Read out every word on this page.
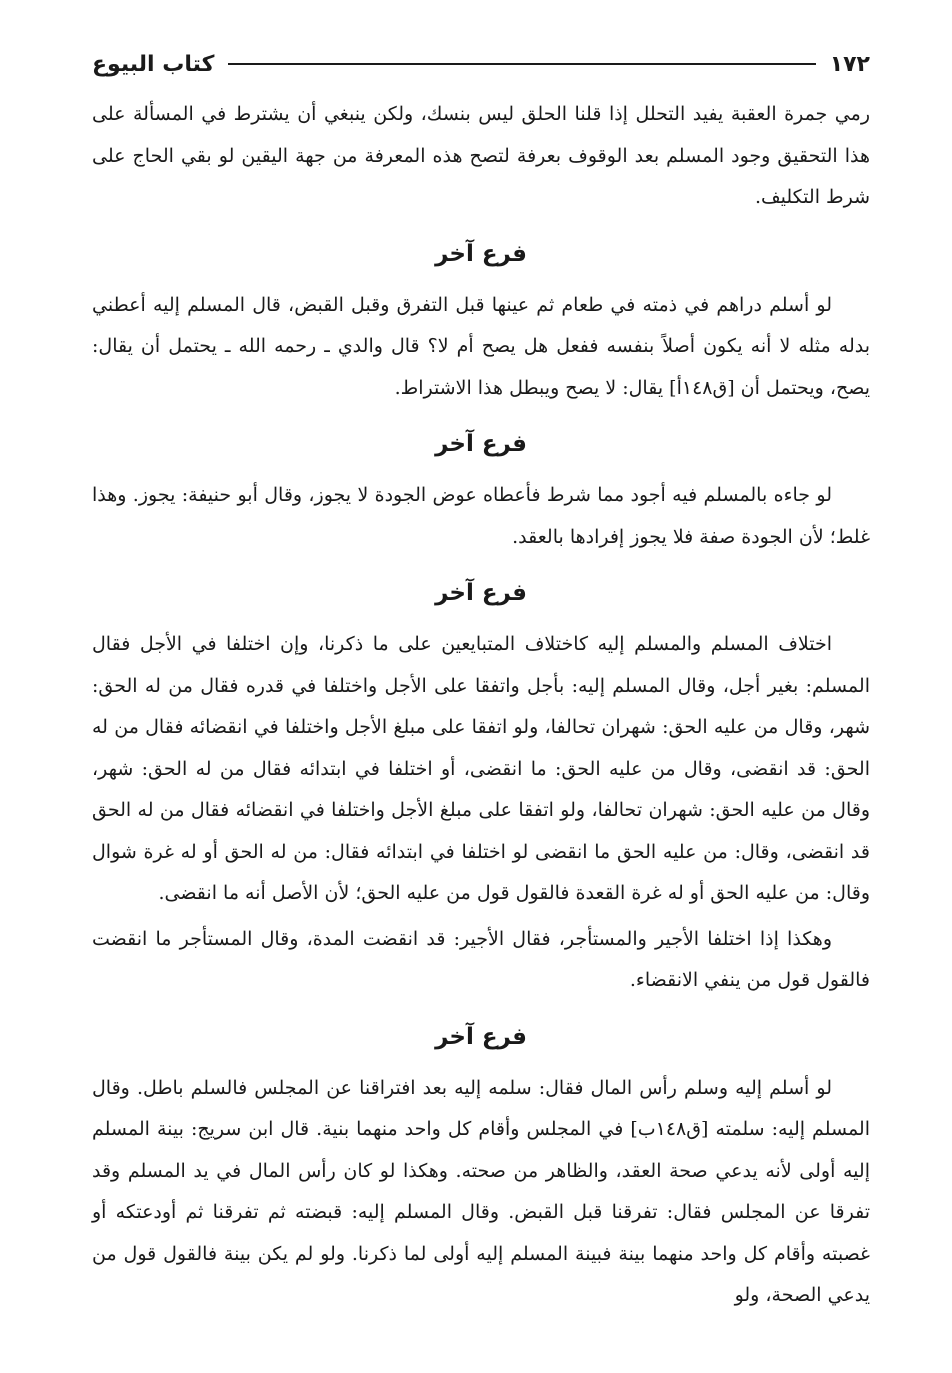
١٧٢
كتاب البيوع

رمي جمرة العقبة يفيد التحلل إذا قلنا الحلق ليس بنسك، ولكن ينبغي أن يشترط في المسألة على هذا التحقيق وجود المسلم بعد الوقوف بعرفة لتصح هذه المعرفة من جهة اليقين لو بقي الحاج على شرط التكليف.

فرع آخر

لو أسلم دراهم في ذمته في طعام ثم عينها قبل التفرق وقبل القبض، قال المسلم إليه أعطني بدله مثله لا أنه يكون أصلاً بنفسه ففعل هل يصح أم لا؟ قال والدي ـ رحمه الله ـ يحتمل أن يقال: يصح، ويحتمل أن [ق١٤٨أ] يقال: لا يصح ويبطل هذا الاشتراط.

فرع آخر

لو جاءه بالمسلم فيه أجود مما شرط فأعطاه عوض الجودة لا يجوز، وقال أبو حنيفة: يجوز. وهذا غلط؛ لأن الجودة صفة فلا يجوز إفرادها بالعقد.

فرع آخر

اختلاف المسلم والمسلم إليه كاختلاف المتبايعين على ما ذكرنا، وإن اختلفا في الأجل فقال المسلم: بغير أجل، وقال المسلم إليه: بأجل واتفقا على الأجل واختلفا في قدره فقال من له الحق: شهر، وقال من عليه الحق: شهران تحالفا، ولو اتفقا على مبلغ الأجل واختلفا في انقضائه فقال من له الحق: قد انقضى، وقال من عليه الحق: ما انقضى، أو اختلفا في ابتدائه فقال من له الحق: شهر، وقال من عليه الحق: شهران تحالفا، ولو اتفقا على مبلغ الأجل واختلفا في انقضائه فقال من له الحق قد انقضى، وقال: من عليه الحق ما انقضى لو اختلفا في ابتدائه فقال: من له الحق أو له غرة شوال وقال: من عليه الحق أو له غرة القعدة فالقول قول من عليه الحق؛ لأن الأصل أنه ما انقضى.

وهكذا إذا اختلفا الأجير والمستأجر، فقال الأجير: قد انقضت المدة، وقال المستأجر ما انقضت فالقول قول من ينفي الانقضاء.

فرع آخر

لو أسلم إليه وسلم رأس المال فقال: سلمه إليه بعد افتراقنا عن المجلس فالسلم باطل. وقال المسلم إليه: سلمته [ق١٤٨ب] في المجلس وأقام كل واحد منهما بنية. قال ابن سريج: بينة المسلم إليه أولى لأنه يدعي صحة العقد، والظاهر من صحته. وهكذا لو كان رأس المال في يد المسلم وقد تفرقا عن المجلس فقال: تفرقنا قبل القبض. وقال المسلم إليه: قبضته ثم تفرقنا ثم أودعتكه أو غصبته وأقام كل واحد منهما بينة فبينة المسلم إليه أولى لما ذكرنا. ولو لم يكن بينة فالقول قول من يدعي الصحة، ولو
